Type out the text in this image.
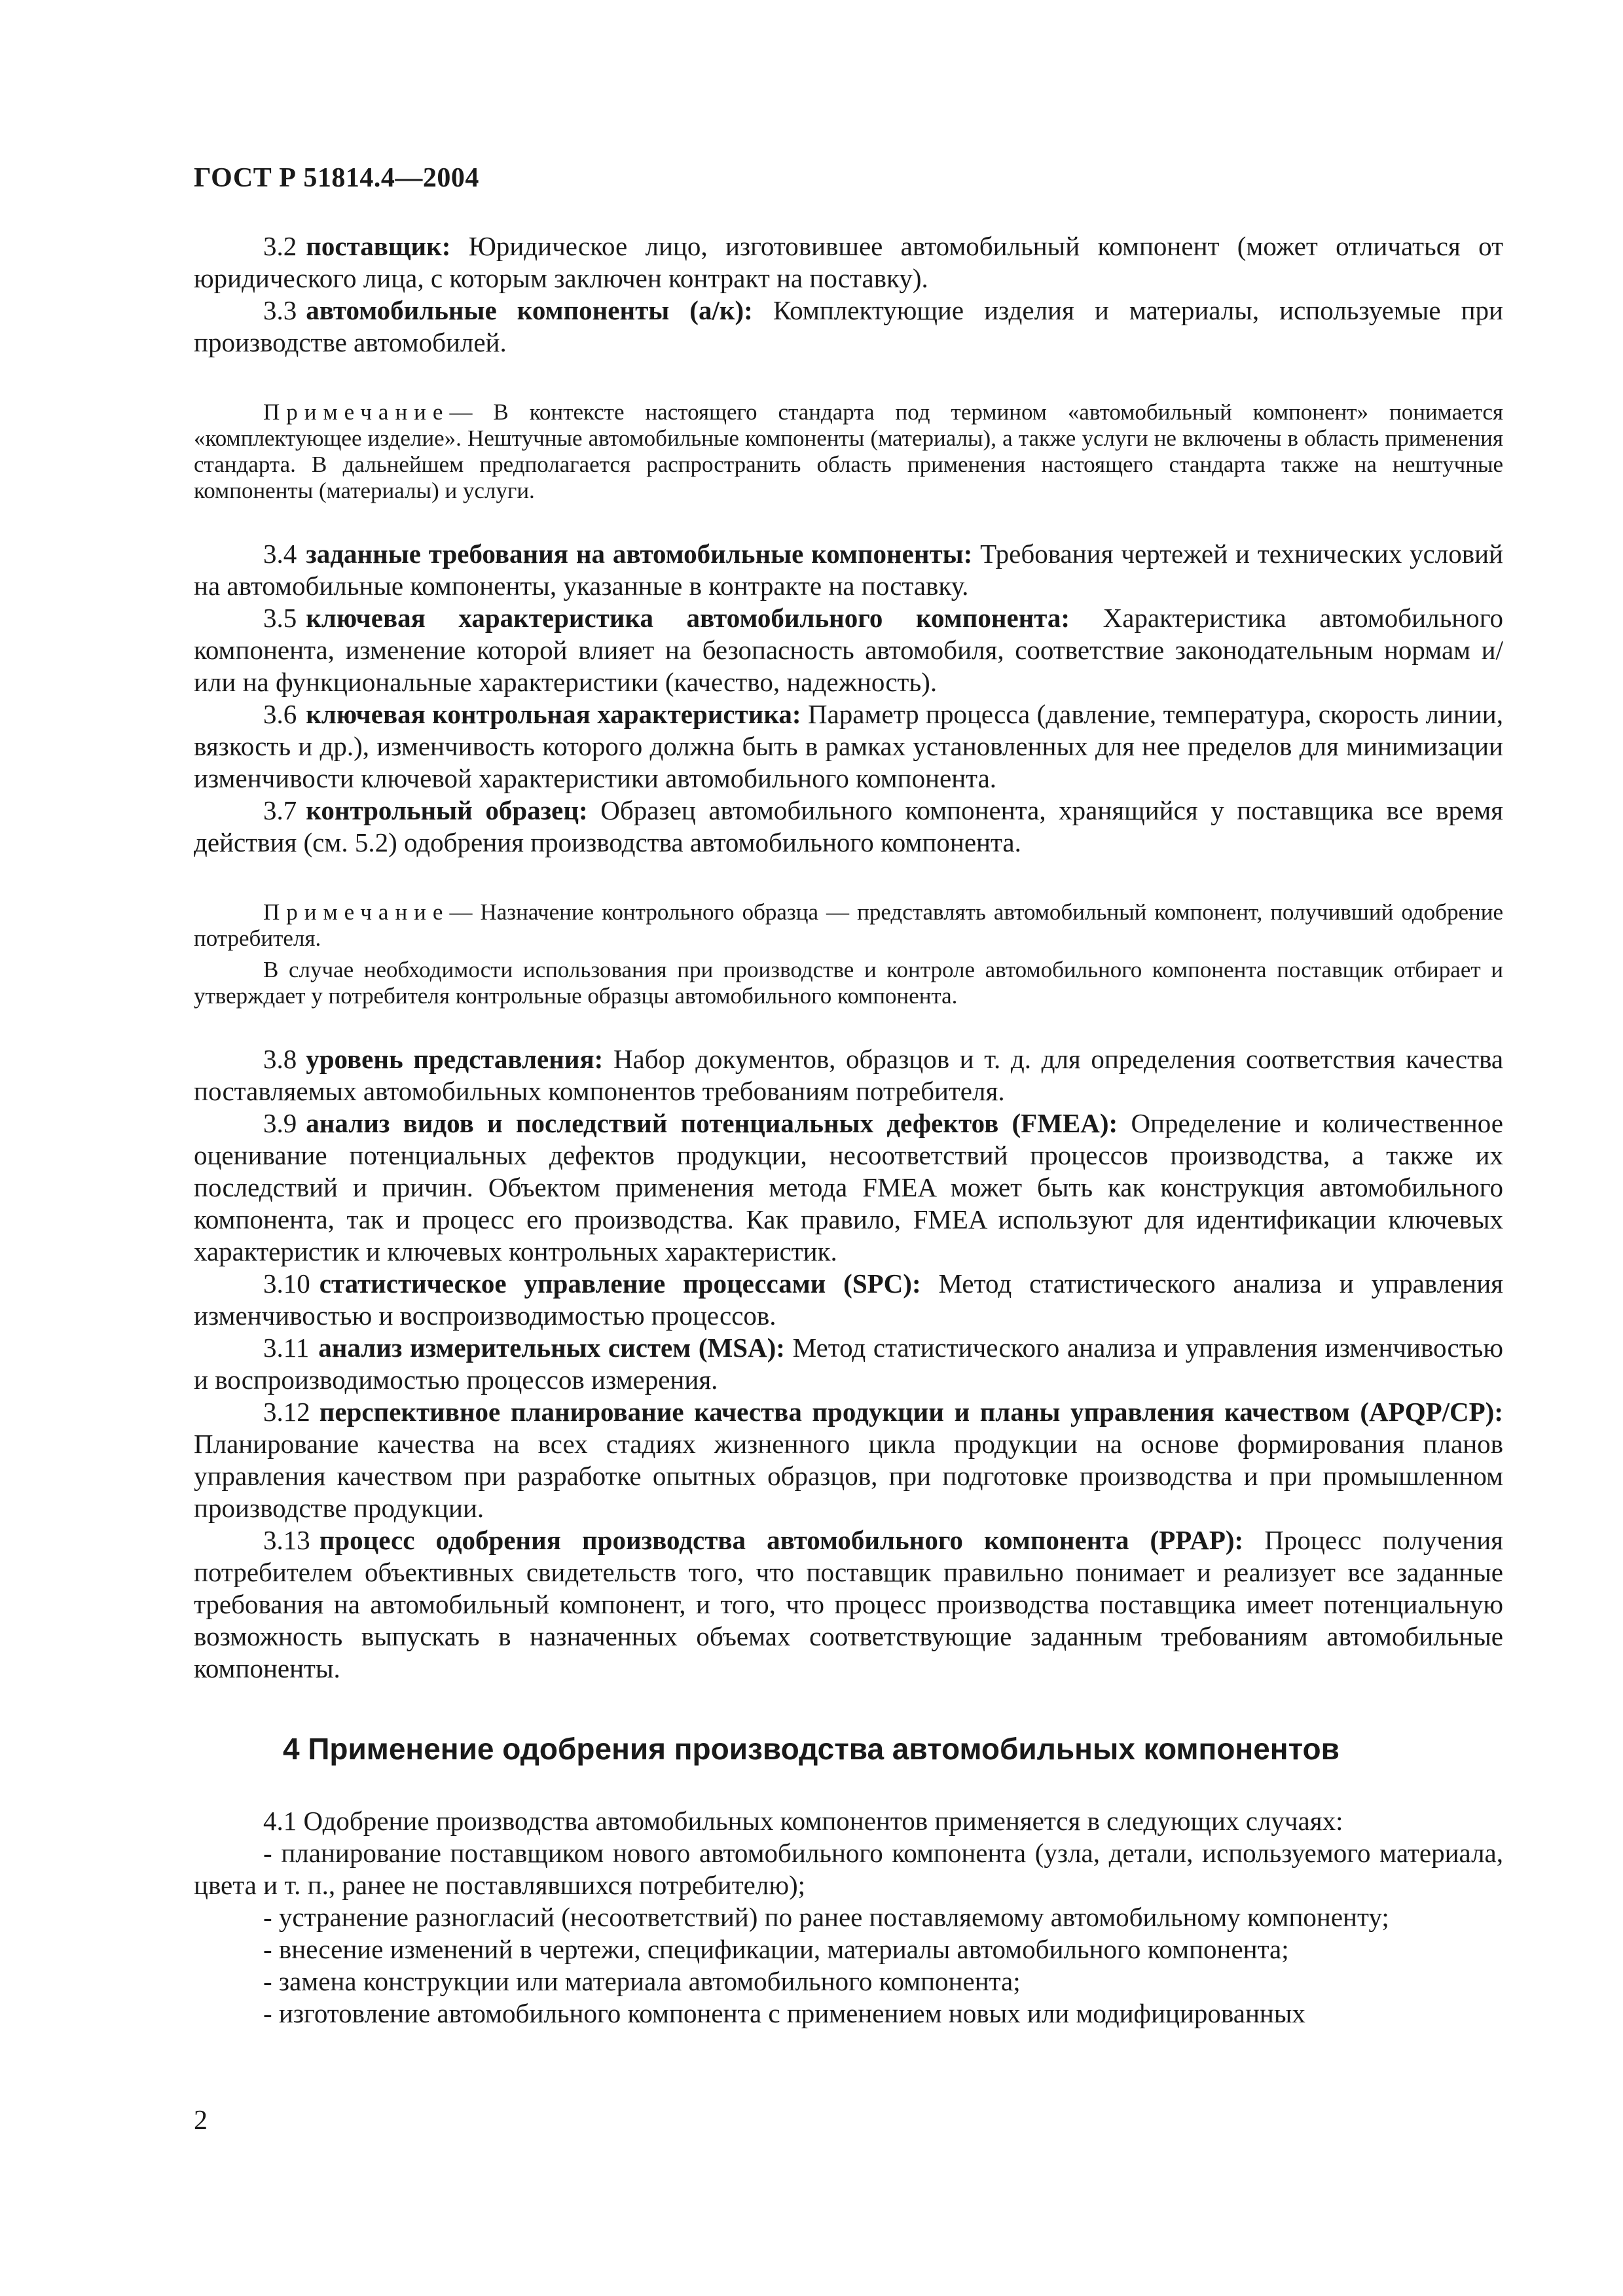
ГОСТ Р 51814.4—2004

3.2 поставщик: Юридическое лицо, изготовившее автомобильный компонент (может отличаться от юридического лица, с которым заключен контракт на поставку).

3.3 автомобильные компоненты (а/к): Комплектующие изделия и материалы, используемые при производстве автомобилей.

Примечание— В контексте настоящего стандарта под термином «автомобильный компонент» понимается «комплектующее изделие». Нештучные автомобильные компоненты (материалы), а также услуги не включены в область применения стандарта. В дальнейшем предполагается распространить область применения настоящего стандарта также на нештучные компоненты (материалы) и услуги.

3.4 заданные требования на автомобильные компоненты: Требования чертежей и технических условий на автомобильные компоненты, указанные в контракте на поставку.

3.5 ключевая характеристика автомобильного компонента: Характеристика автомобильного компонента, изменение которой влияет на безопасность автомобиля, соответствие законодательным нормам и/или на функциональные характеристики (качество, надежность).

3.6 ключевая контрольная характеристика: Параметр процесса (давление, температура, скорость линии, вязкость и др.), изменчивость которого должна быть в рамках установленных для нее пределов для минимизации изменчивости ключевой характеристики автомобильного компонента.

3.7 контрольный образец: Образец автомобильного компонента, хранящийся у поставщика все время действия (см. 5.2) одобрения производства автомобильного компонента.

Примечание— Назначение контрольного образца — представлять автомобильный компонент, получивший одобрение потребителя.

В случае необходимости использования при производстве и контроле автомобильного компонента поставщик отбирает и утверждает у потребителя контрольные образцы автомобильного компонента.

3.8 уровень представления: Набор документов, образцов и т. д. для определения соответствия качества поставляемых автомобильных компонентов требованиям потребителя.

3.9 анализ видов и последствий потенциальных дефектов (FMEA): Определение и количественное оценивание потенциальных дефектов продукции, несоответствий процессов производства, а также их последствий и причин. Объектом применения метода FMEA может быть как конструкция автомобильного компонента, так и процесс его производства. Как правило, FMEA используют для идентификации ключевых характеристик и ключевых контрольных характеристик.

3.10 статистическое управление процессами (SPC): Метод статистического анализа и управления изменчивостью и воспроизводимостью процессов.

3.11 анализ измерительных систем (MSA): Метод статистического анализа и управления изменчивостью и воспроизводимостью процессов измерения.

3.12 перспективное планирование качества продукции и планы управления качеством (APQP/CP): Планирование качества на всех стадиях жизненного цикла продукции на основе формирования планов управления качеством при разработке опытных образцов, при подготовке производства и при промышленном производстве продукции.

3.13 процесс одобрения производства автомобильного компонента (PPAP): Процесс получения потребителем объективных свидетельств того, что поставщик правильно понимает и реализует все заданные требования на автомобильный компонент, и того, что процесс производства поставщика имеет потенциальную возможность выпускать в назначенных объемах соответствующие заданным требованиям автомобильные компоненты.

4 Применение одобрения производства автомобильных компонентов

4.1 Одобрение производства автомобильных компонентов применяется в следующих случаях:

- планирование поставщиком нового автомобильного компонента (узла, детали, используемого материала, цвета и т. п., ранее не поставлявшихся потребителю);

- устранение разногласий (несоответствий) по ранее поставляемому автомобильному компоненту;

- внесение изменений в чертежи, спецификации, материалы автомобильного компонента;

- замена конструкции или материала автомобильного компонента;

- изготовление автомобильного компонента с применением новых или модифицированных

2
